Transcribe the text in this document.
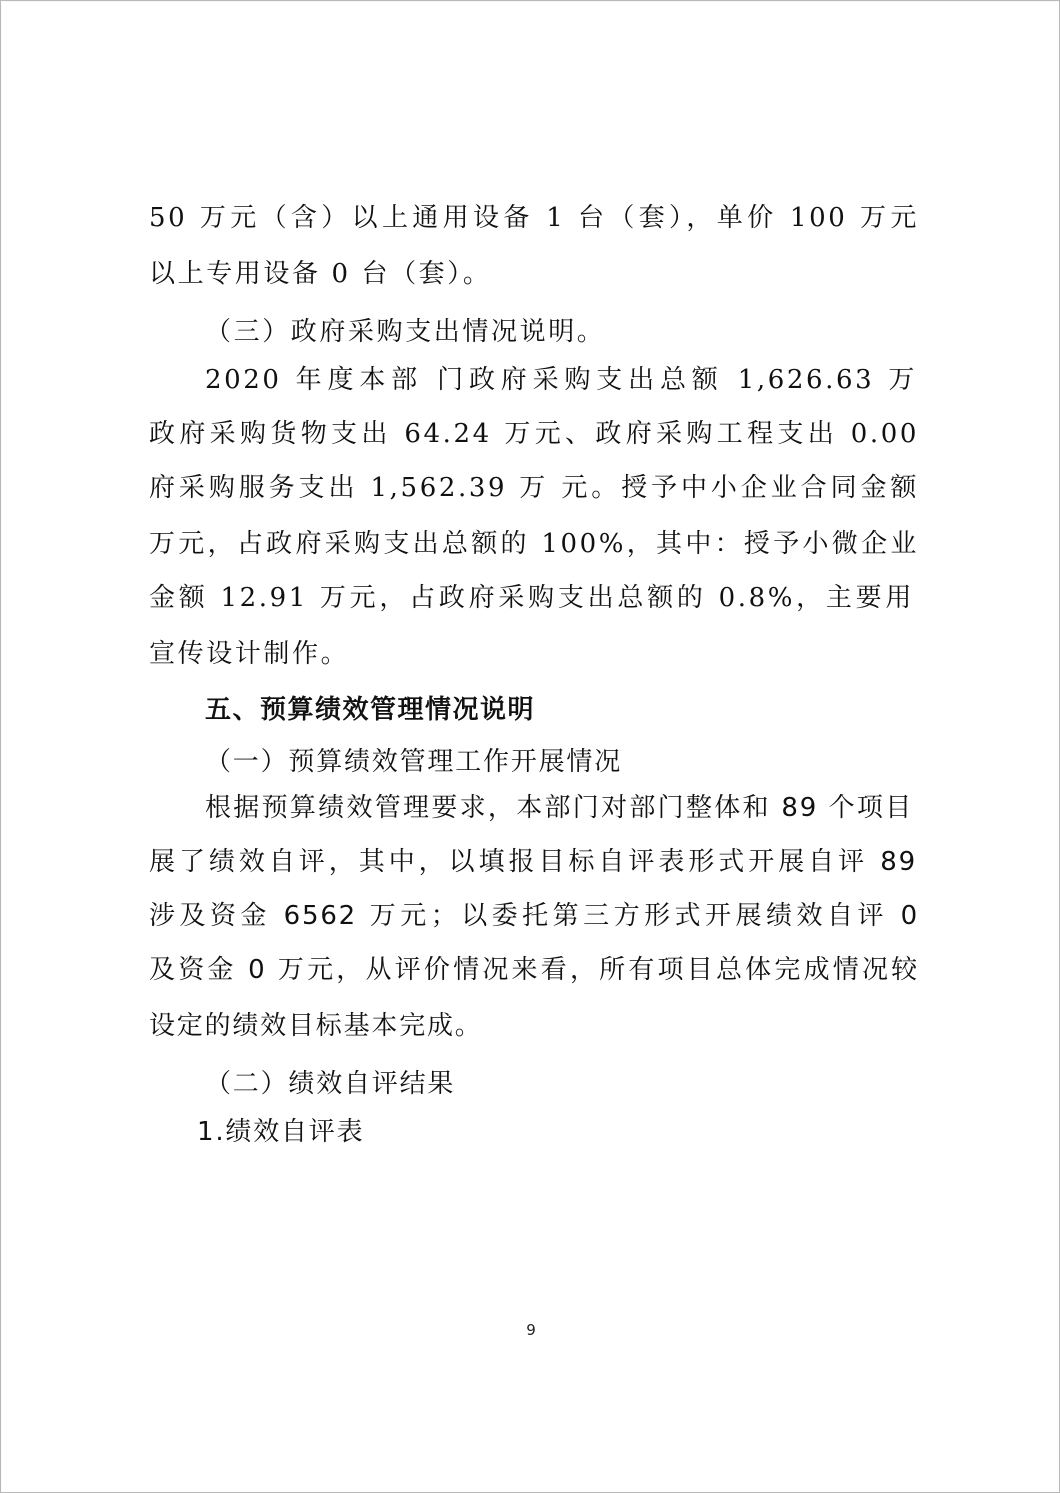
50 万元（含）以上通用设备 1 台（套），单价 100 万元
以上专用设备 0 台（套）。
（三）政府采购支出情况说明。
2020 年度本部 门政府采购支出总额 1,626.63 万
政府采购货物支出 64.24 万元、政府采购工程支出 0.00
府采购服务支出 1,562.39 万 元。授予中小企业合同金额
万元，占政府采购支出总额的 100%，其中：授予小微企业
金额 12.91 万元，占政府采购支出总额的 0.8%，主要用
宣传设计制作。
五、预算绩效管理情况说明
（一）预算绩效管理工作开展情况
根据预算绩效管理要求，本部门对部门整体和 89 个项目
展了绩效自评，其中，以填报目标自评表形式开展自评 89
涉及资金 6562 万元；以委托第三方形式开展绩效自评 0
及资金 0 万元，从评价情况来看，所有项目总体完成情况较
设定的绩效目标基本完成。
（二）绩效自评结果
1.绩效自评表
9
